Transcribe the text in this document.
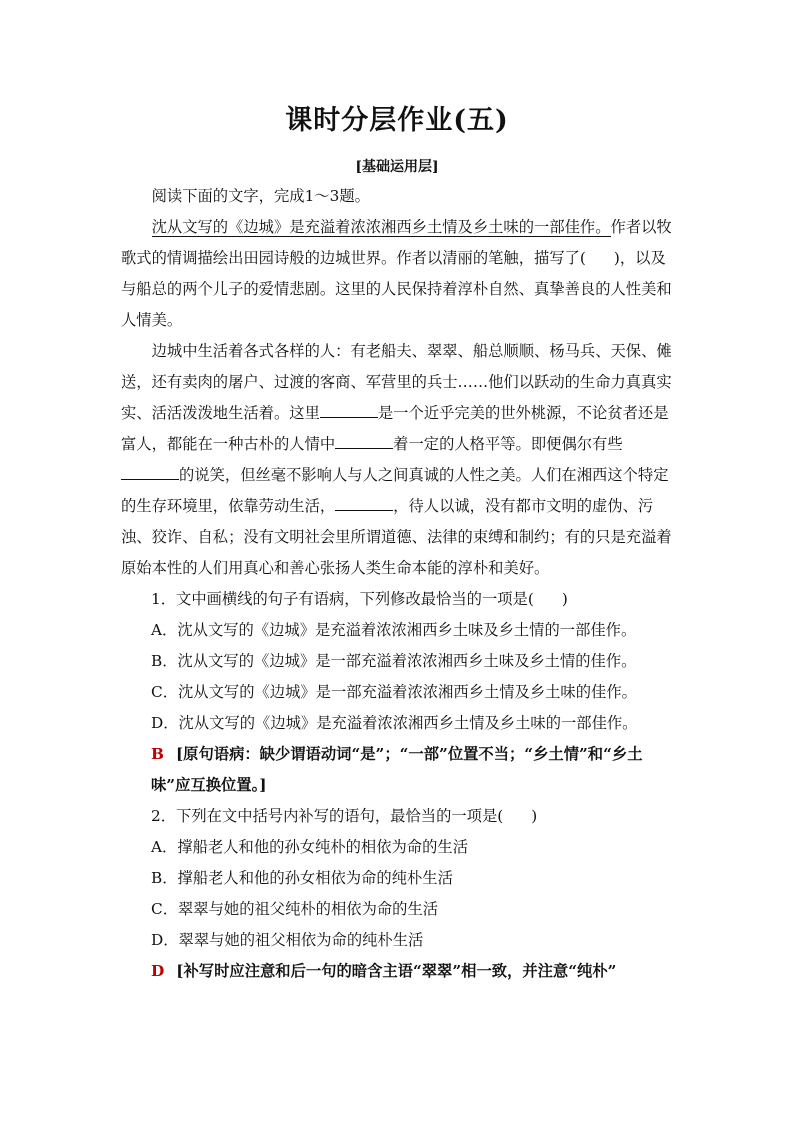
课时分层作业(五)
[基础运用层]

阅读下面的文字，完成1～3题。

沈从文写的《边城》是充溢着浓浓湘西乡土情及乡土味的一部佳作。作者以牧歌式的情调描绘出田园诗般的边城世界。作者以清丽的笔触，描写了( )，以及与船总的两个儿子的爱情悲剧。这里的人民保持着淳朴自然、真挚善良的人性美和人情美。

边城中生活着各式各样的人：有老船夫、翠翠、船总顺顺、杨马兵、天保、傩送，还有卖肉的屠户、过渡的客商、军营里的兵士……他们以跃动的生命力真真实实、活活泼泼地生活着。这里	是一个近乎完美的世外桃源，不论贫者还是富人，都能在一种古朴的人情中	着一定的人格平等。即便偶尔有些的说笑，但丝毫不影响人与人之间真诚的人性之美。人们在湘西这个特定的生存环境里，依靠劳动生活，	，待人以诚，没有都市文明的虚伪、污浊、狡诈、自私；没有文明社会里所谓道德、法律的束缚和制约；有的只是充溢着原始本性的人们用真心和善心张扬人类生命本能的淳朴和美好。

1．文中画横线的句子有语病，下列修改最恰当的一项是( )

A．沈从文写的《边城》是充溢着浓浓湘西乡土味及乡土情的一部佳作。

B．沈从文写的《边城》是一部充溢着浓浓湘西乡土味及乡土情的佳作。

C．沈从文写的《边城》是一部充溢着浓浓湘西乡土情及乡土味的佳作。

D．沈从文写的《边城》是充溢着浓浓湘西乡土情及乡土味的一部佳作。

B [原句语病：缺少谓语动词“是”；“一部”位置不当；“乡土情”和“乡土味”应互换位置。]

2．下列在文中括号内补写的语句，最恰当的一项是( )

A．撑船老人和他的孙女纯朴的相依为命的生活

B．撑船老人和他的孙女相依为命的纯朴生活

C．翠翠与她的祖父纯朴的相依为命的生活

D．翠翠与她的祖父相依为命的纯朴生活

D [补写时应注意和后一句的暗含主语“翠翠”相一致，并注意“纯朴”
